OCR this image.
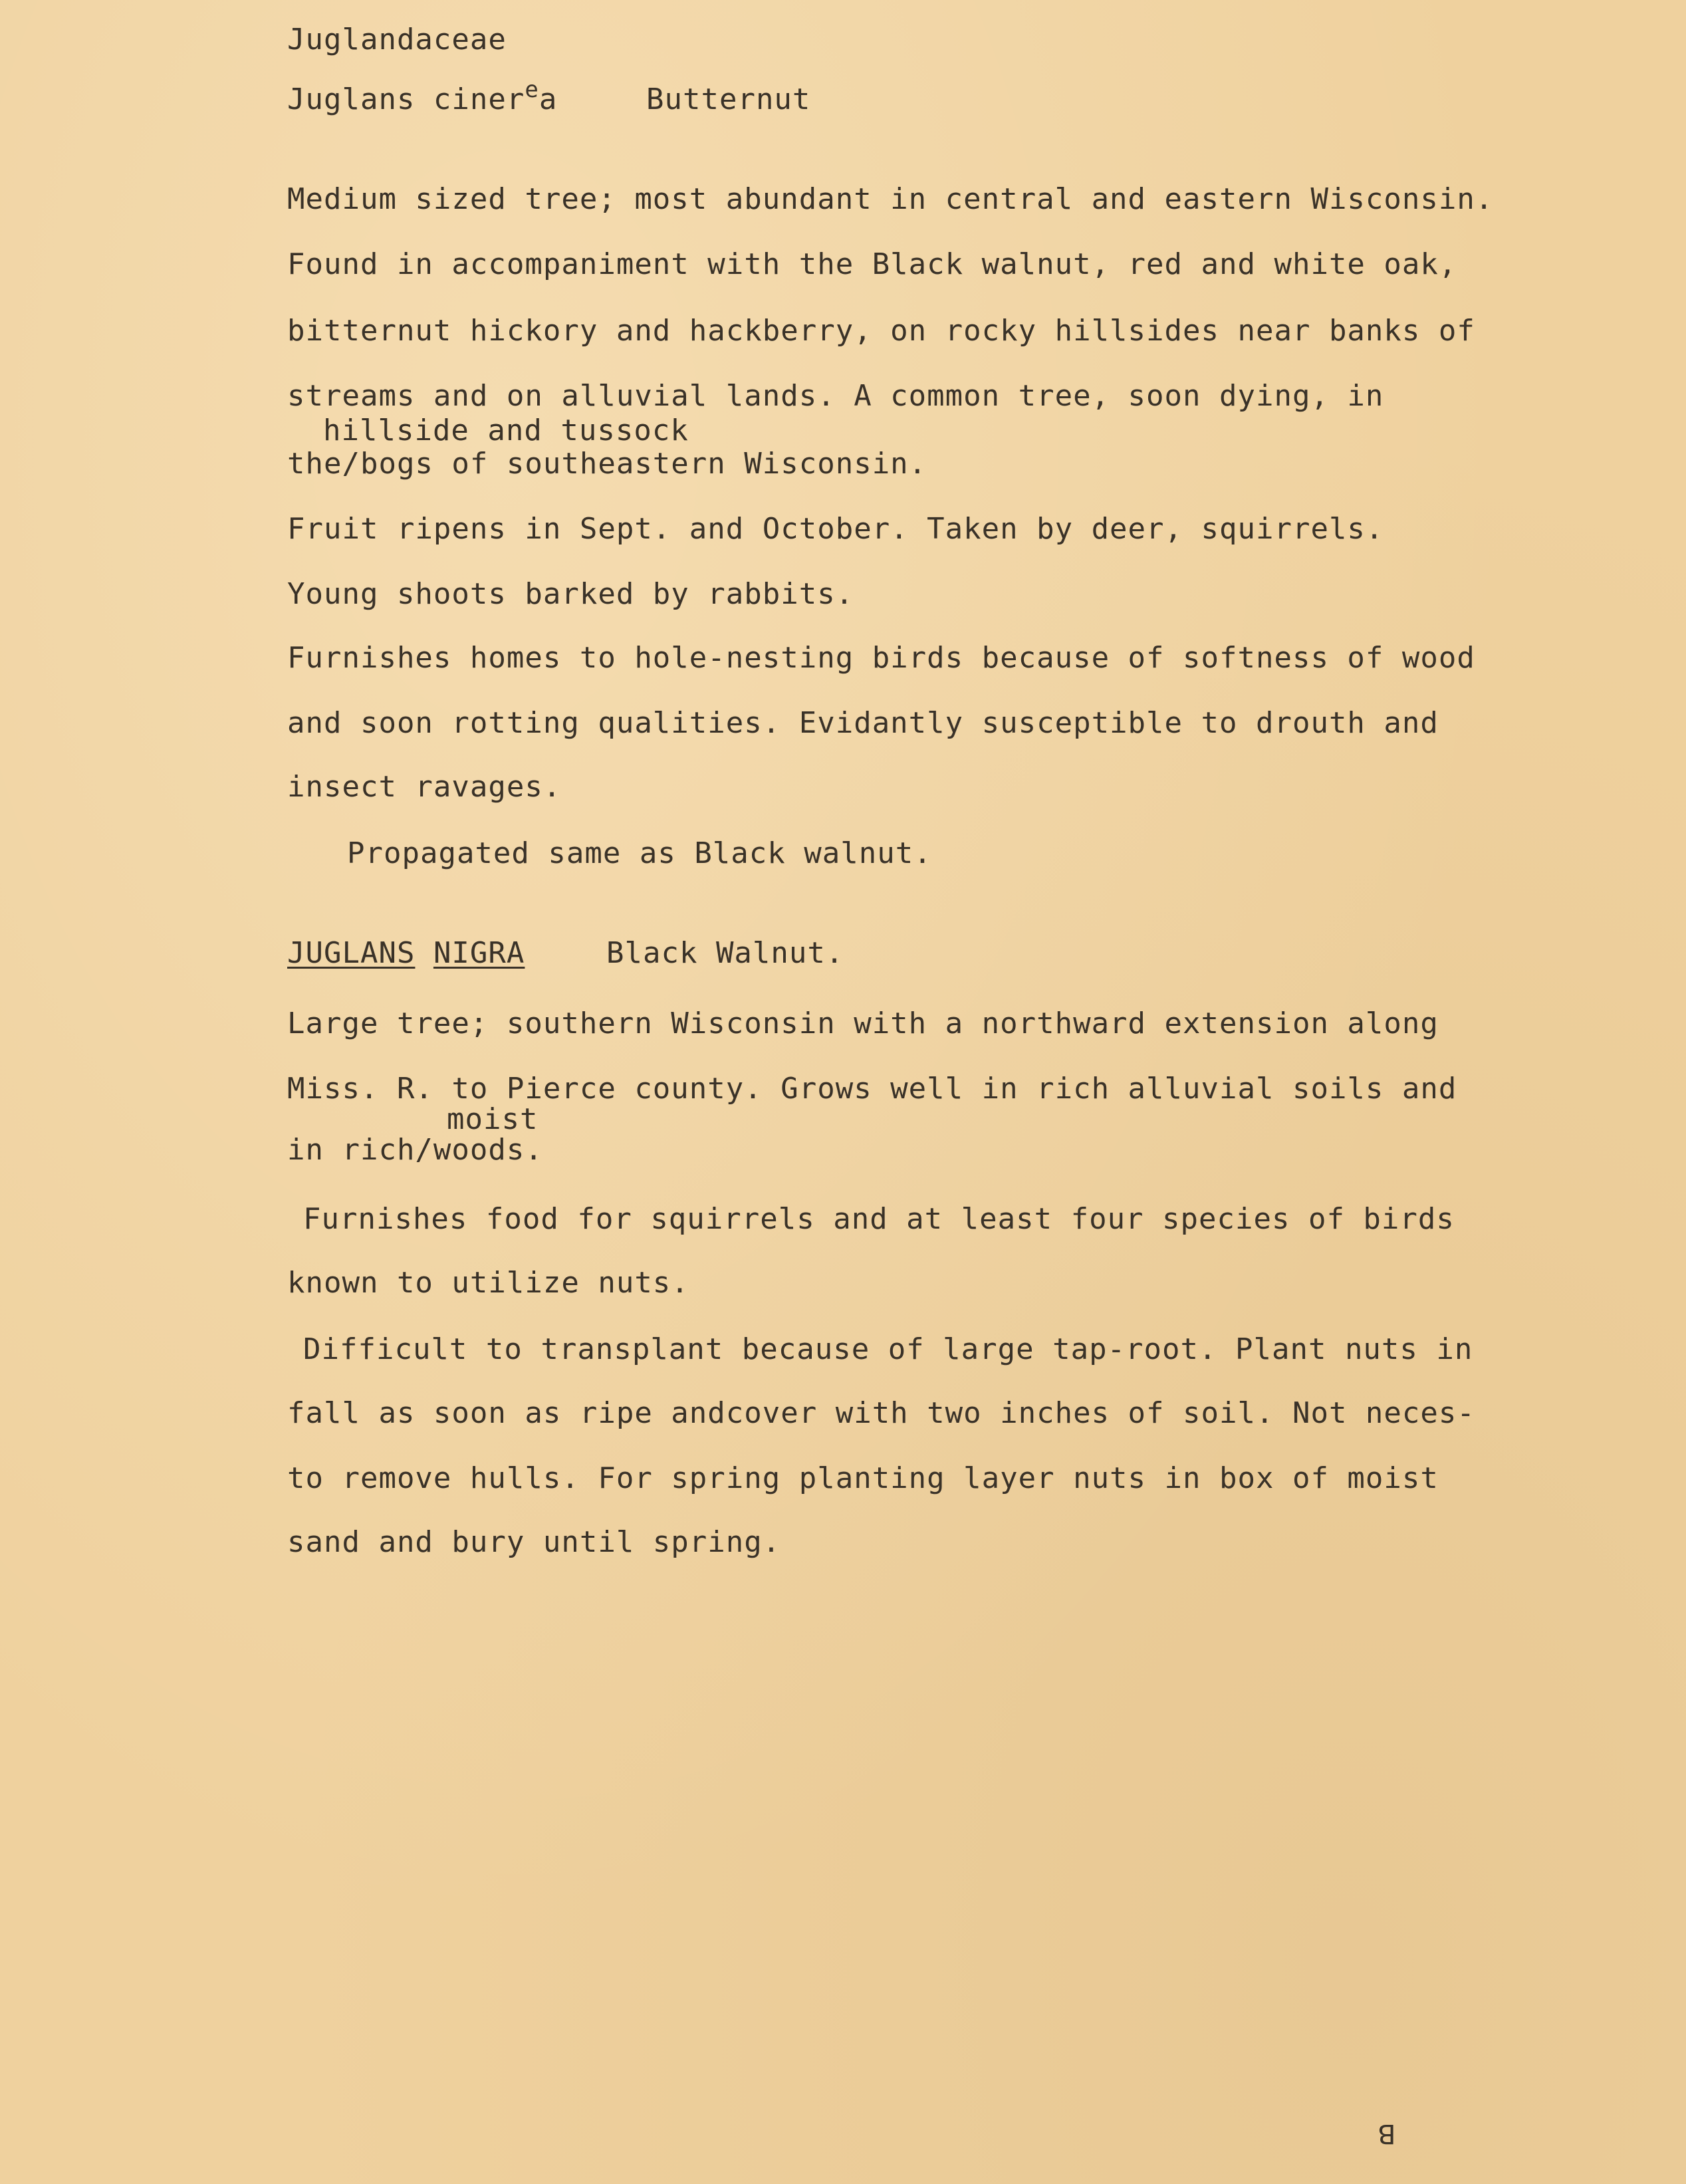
Juglandaceae

Juglans ciner$^e$a	Butternut

Medium sized tree; most abundant in central and eastern Wisconsin.

Found in accompaniment with the Black walnut, red and white oak,

bitternut hickory and hackberry, on rocky hillsides near banks of

streams and on alluvial lands. A common tree, soon dying, in

hillside and tussock

the/bogs of southeastern Wisconsin.

Fruit ripens in Sept. and October. Taken by deer, squirrels.

Young shoots barked by rabbits.

Furnishes homes to hole-nesting birds because of softness of wood

and soon rotting qualities. Evidantly susceptible to drouth and

insect ravages.

Propagated same as Black walnut.

JUGLANS NIGRA	Black Walnut.

Large tree; southern Wisconsin with a northward extension along

Miss. R. to Pierce county. Grows well in rich alluvial soils and

moist

in rich/woods.

Furnishes food for squirrels and at least four species of birds

known to utilize nuts.

Difficult to transplant because of large tap-root. Plant nuts in

fall as soon as ripe andcover with two inches of soil. Not neces-

to remove hulls. For spring planting layer nuts in box of moist

sand and bury until spring.

B
